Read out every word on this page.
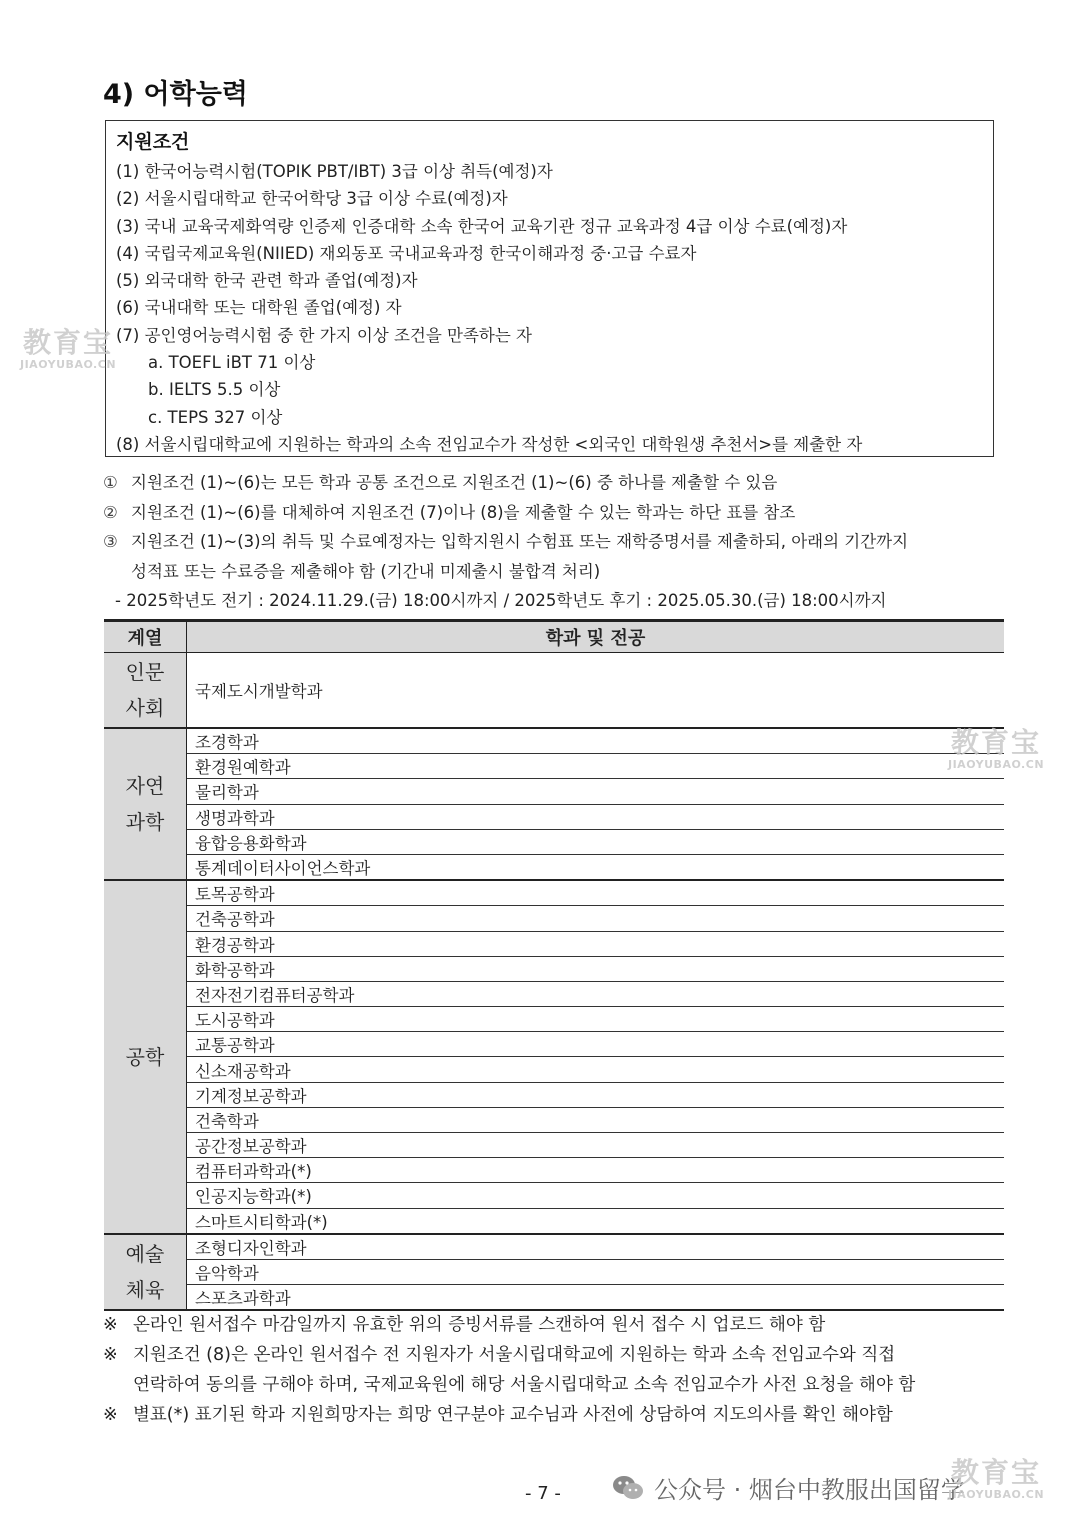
4) 어학능력
지원조건
(1) 한국어능력시험(TOPIK PBT/IBT) 3급 이상 취득(예정)자
(2) 서울시립대학교 한국어학당 3급 이상 수료(예정)자
(3) 국내 교육국제화역량 인증제 인증대학 소속 한국어 교육기관 정규 교육과정 4급 이상 수료(예정)자
(4) 국립국제교육원(NIIED) 재외동포 국내교육과정 한국이해과정 중·고급 수료자
(5) 외국대학 한국 관련 학과 졸업(예정)자
(6) 국내대학 또는 대학원 졸업(예정) 자
(7) 공인영어능력시험 중 한 가지 이상 조건을 만족하는 자
a. TOEFL iBT 71 이상
b. IELTS 5.5 이상
c. TEPS 327 이상
(8) 서울시립대학교에 지원하는 학과의 소속 전임교수가 작성한 <외국인 대학원생 추천서>를 제출한 자
① 지원조건 (1)~(6)는 모든 학과 공통 조건으로 지원조건 (1)~(6) 중 하나를 제출할 수 있음
② 지원조건 (1)~(6)를 대체하여 지원조건 (7)이나 (8)을 제출할 수 있는 학과는 하단 표를 참조
③ 지원조건 (1)~(3)의 취득 및 수료예정자는 입학지원시 수험표 또는 재학증명서를 제출하되, 아래의 기간까지
성적표 또는 수료증을 제출해야 함 (기간내 미제출시 불합격 처리)
- 2025학년도 전기 : 2024.11.29.(금) 18:00시까지 / 2025학년도 후기 : 2025.05.30.(금) 18:00시까지
계열	학과 및 전공
인문
사회	국제도시개발학과
자연
과학	조경학과
	환경원예학과
	물리학과
	생명과학과
	융합응용화학과
	통계데이터사이언스학과
공학	토목공학과
	건축공학과
	환경공학과
	화학공학과
	전자전기컴퓨터공학과
	도시공학과
	교통공학과
	신소재공학과
	기계정보공학과
	건축학과
	공간정보공학과
	컴퓨터과학과(*)
	인공지능학과(*)
	스마트시티학과(*)
예술
체육	조형디자인학과
	음악학과
	스포츠과학과
※ 온라인 원서접수 마감일까지 유효한 위의 증빙서류를 스캔하여 원서 접수 시 업로드 해야 함
※ 지원조건 (8)은 온라인 원서접수 전 지원자가 서울시립대학교에 지원하는 학과 소속 전임교수와 직접
연락하여 동의를 구해야 하며, 국제교육원에 해당 서울시립대학교 소속 전임교수가 사전 요청을 해야 함
※ 별표(*) 표기된 학과 지원희망자는 희망 연구분야 교수님과 사전에 상담하여 지도의사를 확인 해야함
- 7 -	公众号 · 烟台中教服出国留学
教育宝
JIAOYUBAO.CN
教育宝
JIAOYUBAO.CN
教育宝
JIAOYUBAO.CN
